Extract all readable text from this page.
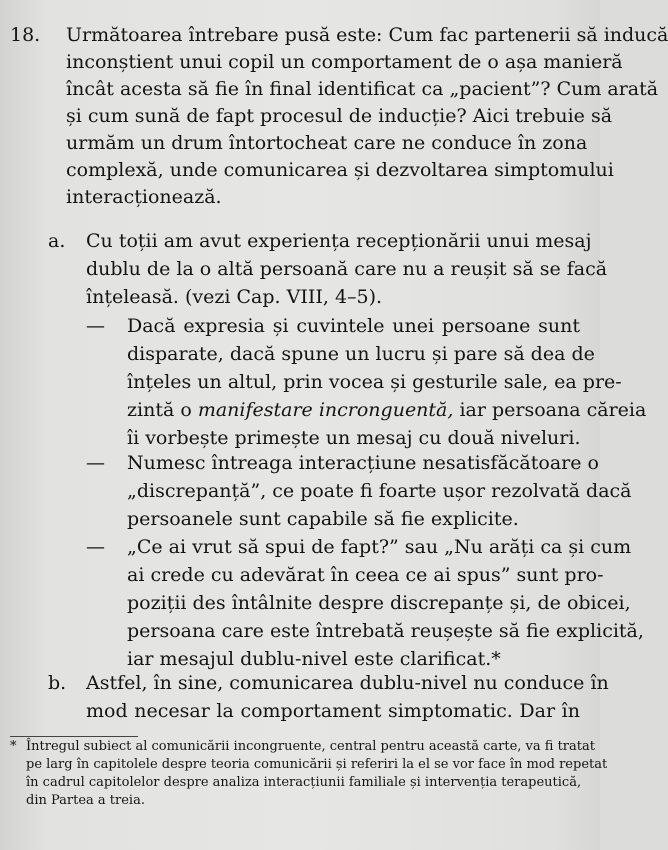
18. Următoarea întrebare pusă este: Cum fac partenerii să inducă
inconștient unui copil un comportament de o așa manieră
încât acesta să fie în final identificat ca „pacient”? Cum arată
și cum sună de fapt procesul de inducție? Aici trebuie să
urmăm un drum întortocheat care ne conduce în zona
complexă, unde comunicarea și dezvoltarea simptomului
interacționează.
a. Cu toții am avut experiența recepționării unui mesaj
dublu de la o altă persoană care nu a reușit să se facă
înțeleasă. (vezi Cap. VIII, 4–5).
— Dacă expresia și cuvintele unei persoane sunt
disparate, dacă spune un lucru și pare să dea de
înțeles un altul, prin vocea și gesturile sale, ea pre-
zintă o manifestare incronguentă, iar persoana căreia
îi vorbește primește un mesaj cu două niveluri.
— Numesc întreaga interacțiune nesatisfăcătoare o
„discrepanță”, ce poate fi foarte ușor rezolvată dacă
persoanele sunt capabile să fie explicite.
— „Ce ai vrut să spui de fapt?” sau „Nu arăți ca și cum
ai crede cu adevărat în ceea ce ai spus” sunt pro-
poziții des întâlnite despre discrepanțe și, de obicei,
persoana care este întrebată reușește să fie explicită,
iar mesajul dublu-nivel este clarificat.*
b. Astfel, în sine, comunicarea dublu-nivel nu conduce în
mod necesar la comportament simptomatic. Dar în
* Întregul subiect al comunicării incongruente, central pentru această carte, va fi tratat
pe larg în capitolele despre teoria comunicării și referiri la el se vor face în mod repetat
în cadrul capitolelor despre analiza interacțiunii familiale și intervenția terapeutică,
din Partea a treia.
